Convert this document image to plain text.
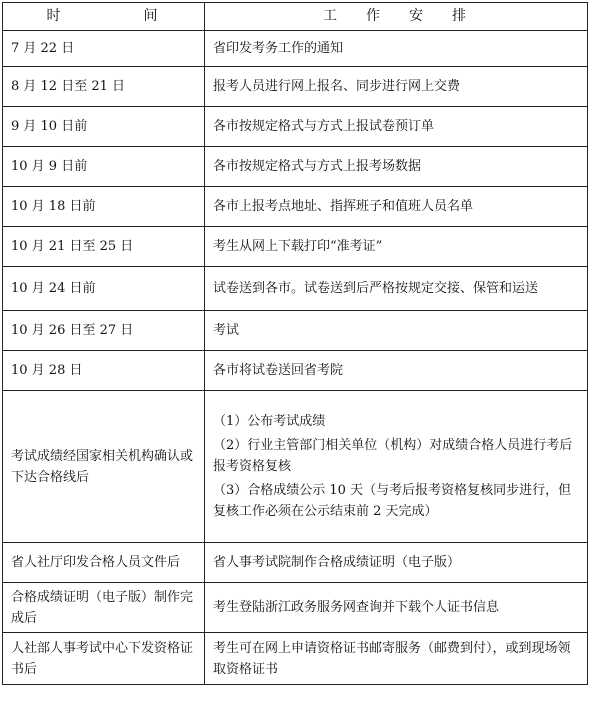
时 间	工 作 安 排
7 月 22 日	省印发考务工作的通知

8 月 12 日至 21 日	报考人员进行网上报名、同步进行网上交费

9 月 10 日前	各市按规定格式与方式上报试卷预订单

10 月 9 日前	各市按规定格式与方式上报考场数据

10 月 18 日前	各市上报考点地址、指挥班子和值班人员名单

10 月 21 日至 25 日	考生从网上下载打印“准考证”

10 月 24 日前	试卷送到各市。试卷送到后严格按规定交接、保管和运送

10 月 26 日至 27 日	考试

10 月 28 日	各市将试卷送回省考院

考试成绩经国家相关机构确认或下达合格线后	（1）公布考试成绩
（2）行业主管部门相关单位（机构）对成绩合格人员进行考后报考资格复核
（3）合格成绩公示 10 天（与考后报考资格复核同步进行，但复核工作必须在公示结束前 2 天完成）

省人社厅印发合格人员文件后	省人事考试院制作合格成绩证明（电子版）

合格成绩证明（电子版）制作完成后	考生登陆浙江政务服务网查询并下载个人证书信息

人社部人事考试中心下发资格证书后	考生可在网上申请资格证书邮寄服务（邮费到付），或到现场领取资格证书
